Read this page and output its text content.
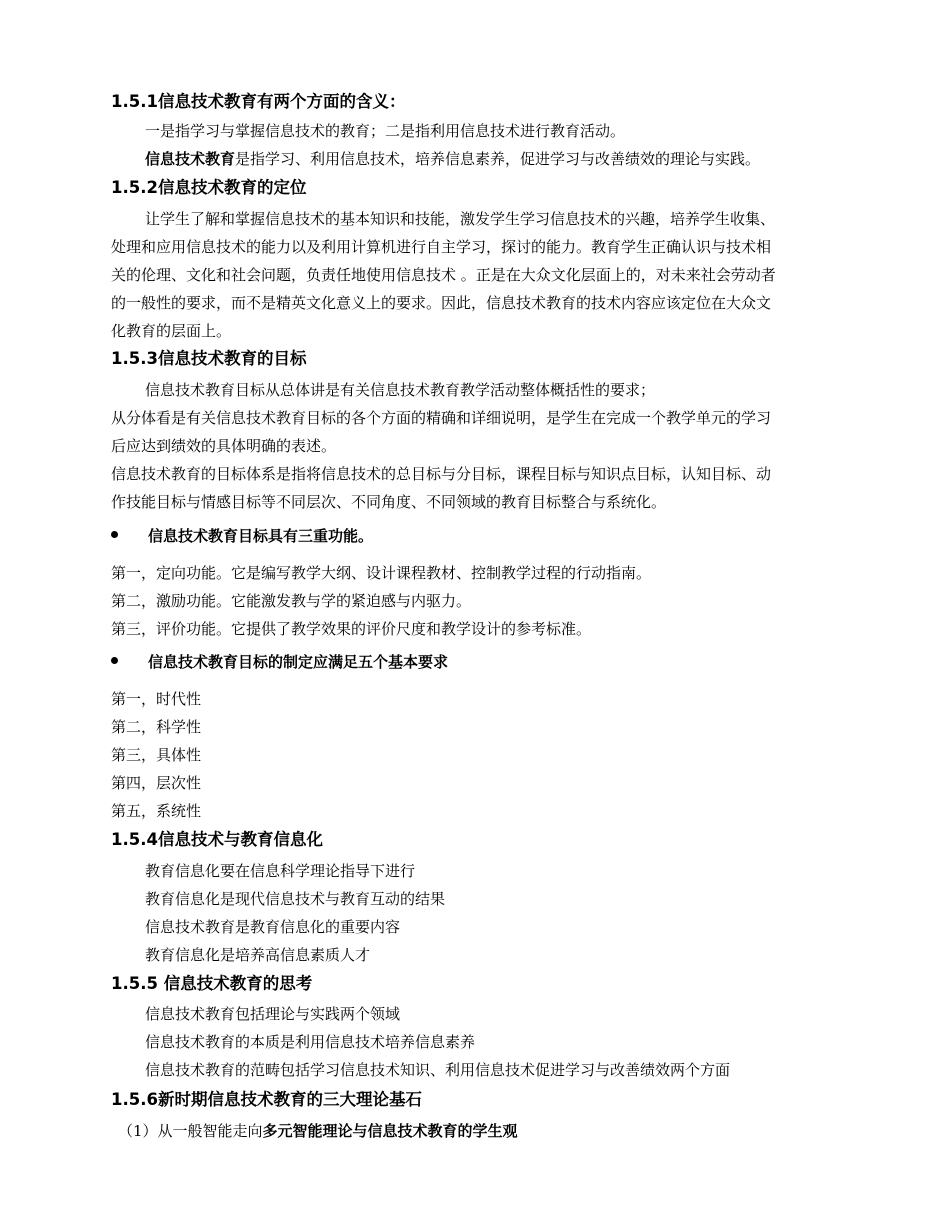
1.5.1信息技术教育有两个方面的含义：
一是指学习与掌握信息技术的教育；二是指利用信息技术进行教育活动。
信息技术教育是指学习、利用信息技术，培养信息素养，促进学习与改善绩效的理论与实践。
1.5.2信息技术教育的定位
让学生了解和掌握信息技术的基本知识和技能，激发学生学习信息技术的兴趣，培养学生收集、
处理和应用信息技术的能力以及利用计算机进行自主学习，探讨的能力。教育学生正确认识与技术相
关的伦理、文化和社会问题，负责任地使用信息技术 。正是在大众文化层面上的，对未来社会劳动者
的一般性的要求，而不是精英文化意义上的要求。因此，信息技术教育的技术内容应该定位在大众文
化教育的层面上。
1.5.3信息技术教育的目标
信息技术教育目标从总体讲是有关信息技术教育教学活动整体概括性的要求；
从分体看是有关信息技术教育目标的各个方面的精确和详细说明，是学生在完成一个教学单元的学习
后应达到绩效的具体明确的表述。
信息技术教育的目标体系是指将信息技术的总目标与分目标，课程目标与知识点目标，认知目标、动
作技能目标与情感目标等不同层次、不同角度、不同领域的教育目标整合与系统化。
信息技术教育目标具有三重功能。
第一，定向功能。它是编写教学大纲、设计课程教材、控制教学过程的行动指南。
第二，激励功能。它能激发教与学的紧迫感与内驱力。
第三，评价功能。它提供了教学效果的评价尺度和教学设计的参考标准。
信息技术教育目标的制定应满足五个基本要求
第一，时代性
第二，科学性
第三，具体性
第四，层次性
第五，系统性
1.5.4信息技术与教育信息化
教育信息化要在信息科学理论指导下进行
教育信息化是现代信息技术与教育互动的结果
信息技术教育是教育信息化的重要内容
教育信息化是培养高信息素质人才
1.5.5 信息技术教育的思考
信息技术教育包括理论与实践两个领域
信息技术教育的本质是利用信息技术培养信息素养
信息技术教育的范畴包括学习信息技术知识、利用信息技术促进学习与改善绩效两个方面
1.5.6新时期信息技术教育的三大理论基石
（1）从一般智能走向多元智能理论与信息技术教育的学生观
